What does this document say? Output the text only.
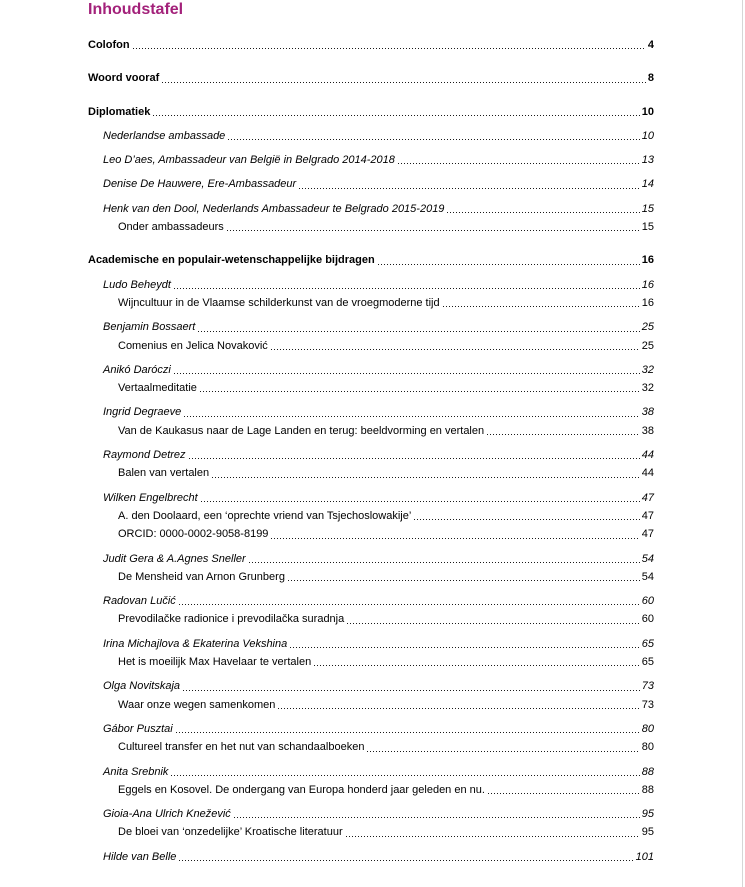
Inhoudstafel
Colofon	4
Woord vooraf	8
Diplomatiek	10
Nederlandse ambassade	10
Leo D’aes, Ambassadeur van België in Belgrado 2014-2018	13
Denise De Hauwere, Ere-Ambassadeur	14
Henk van den Dool, Nederlands Ambassadeur te Belgrado 2015-2019	15
Onder ambassadeurs	15
Academische en populair-wetenschappelijke bijdragen	16
Ludo Beheydt	16
Wijncultuur in de Vlaamse schilderkunst van de vroegmoderne tijd	16
Benjamin Bossaert	25
Comenius en Jelica Novaković	25
Anikó Daróczi	32
Vertaalmeditatie	32
Ingrid Degraeve	38
Van de Kaukasus naar de Lage Landen en terug: beeldvorming en vertalen	38
Raymond Detrez	44
Balen van vertalen	44
Wilken Engelbrecht	47
A. den Doolaard, een ‘oprechte vriend van Tsjechoslowakije’	47
ORCID: 0000-0002-9058-8199	47
Judit Gera & A.Agnes Sneller	54
De Mensheid van Arnon Grunberg	54
Radovan Lučić	60
Prevodilačke radionice i prevodilačka suradnja	60
Irina Michajlova & Ekaterina Vekshina	65
Het is moeilijk Max Havelaar te vertalen	65
Olga Novitskaja	73
Waar onze wegen samenkomen	73
Gábor Pusztai	80
Cultureel transfer en het nut van schandaalboeken	80
Anita Srebnik	88
Eggels en Kosovel. De ondergang van Europa honderd jaar geleden en nu.	88
Gioia-Ana Ulrich Knežević	95
De bloei van ‘onzedelijke’ Kroatische literatuur	95
Hilde van Belle	101
